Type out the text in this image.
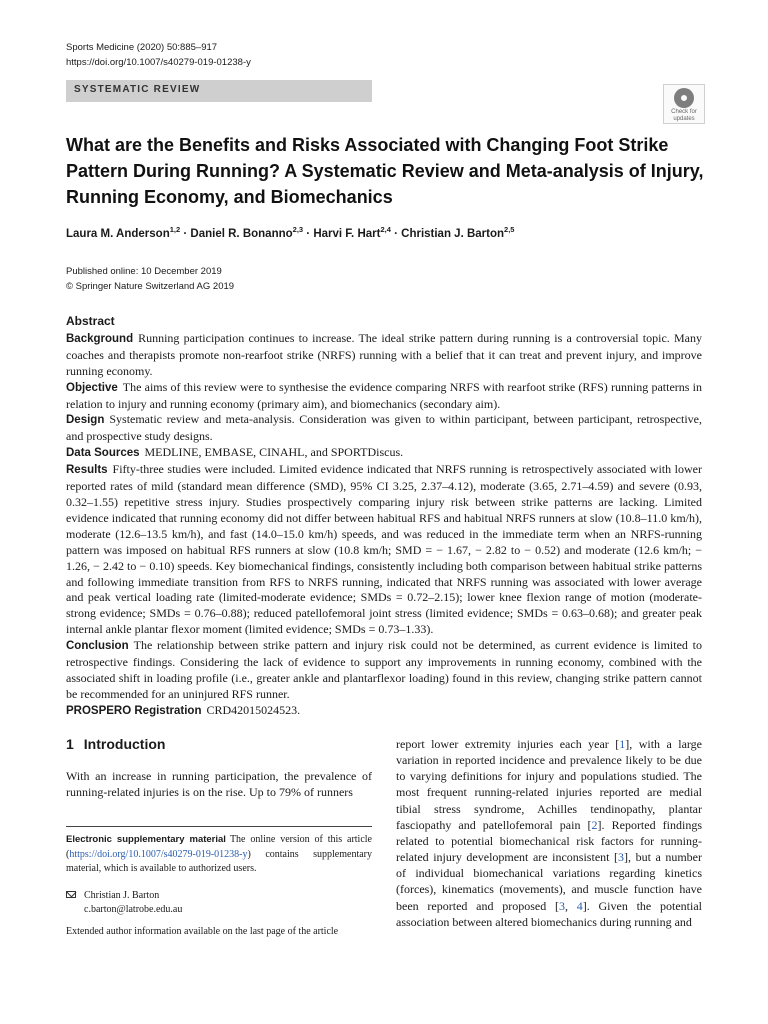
Sports Medicine (2020) 50:885–917
https://doi.org/10.1007/s40279-019-01238-y
SYSTEMATIC REVIEW
Check for
updates
What are the Benefits and Risks Associated with Changing Foot Strike Pattern During Running? A Systematic Review and Meta-analysis of Injury, Running Economy, and Biomechanics
Laura M. Anderson$^{1,2}$ · Daniel R. Bonanno$^{2,3}$ · Harvi F. Hart$^{2,4}$ · Christian J. Barton$^{2,5}$
Published online: 10 December 2019
© Springer Nature Switzerland AG 2019
Abstract

Background Running participation continues to increase. The ideal strike pattern during running is a controversial topic. Many coaches and therapists promote non-rearfoot strike (NRFS) running with a belief that it can treat and prevent injury, and improve running economy.

Objective The aims of this review were to synthesise the evidence comparing NRFS with rearfoot strike (RFS) running patterns in relation to injury and running economy (primary aim), and biomechanics (secondary aim).

Design Systematic review and meta-analysis. Consideration was given to within participant, between participant, retrospective, and prospective study designs.

Data Sources MEDLINE, EMBASE, CINAHL, and SPORTDiscus.

Results Fifty-three studies were included. Limited evidence indicated that NRFS running is retrospectively associated with lower reported rates of mild (standard mean difference (SMD), 95% CI 3.25, 2.37–4.12), moderate (3.65, 2.71–4.59) and severe (0.93, 0.32–1.55) repetitive stress injury. Studies prospectively comparing injury risk between strike patterns are lacking. Limited evidence indicated that running economy did not differ between habitual RFS and habitual NRFS runners at slow (10.8–11.0 km/h), moderate (12.6–13.5 km/h), and fast (14.0–15.0 km/h) speeds, and was reduced in the immediate term when an NRFS-running pattern was imposed on habitual RFS runners at slow (10.8 km/h; SMD = − 1.67, − 2.82 to − 0.52) and moderate (12.6 km/h; − 1.26, − 2.42 to − 0.10) speeds. Key biomechanical findings, consistently including both comparison between habitual strike patterns and following immediate transition from RFS to NRFS running, indicated that NRFS running was associated with lower average and peak vertical loading rate (limited-moderate evidence; SMDs = 0.72–2.15); lower knee flexion range of motion (moderate-strong evidence; SMDs = 0.76–0.88); reduced patellofemoral joint stress (limited evidence; SMDs = 0.63–0.68); and greater peak internal ankle plantar flexor moment (limited evidence; SMDs = 0.73–1.33).

Conclusion The relationship between strike pattern and injury risk could not be determined, as current evidence is limited to retrospective findings. Considering the lack of evidence to support any improvements in running economy, combined with the associated shift in loading profile (i.e., greater ankle and plantarflexor loading) found in this review, changing strike pattern cannot be recommended for an uninjured RFS runner.

PROSPERO Registration CRD42015024523.

1 Introduction

With an increase in running participation, the prevalence of running-related injuries is on the rise. Up to 79% of runners

Electronic supplementary material The online version of this article (https://doi.org/10.1007/s40279-019-01238-y) contains supplementary material, which is available to authorized users.

Christian J. Barton
c.barton@latrobe.edu.au
Extended author information available on the last page of the article

report lower extremity injuries each year [1], with a large variation in reported incidence and prevalence likely to be due to varying definitions for injury and populations studied. The most frequent running-related injuries reported are medial tibial stress syndrome, Achilles tendinopathy, plantar fasciopathy and patellofemoral pain [2]. Reported findings related to potential biomechanical risk factors for running-related injury development are inconsistent [3], but a number of individual biomechanical variations regarding kinetics (forces), kinematics (movements), and muscle function have been reported and proposed [3, 4]. Given the potential association between altered biomechanics during running and
